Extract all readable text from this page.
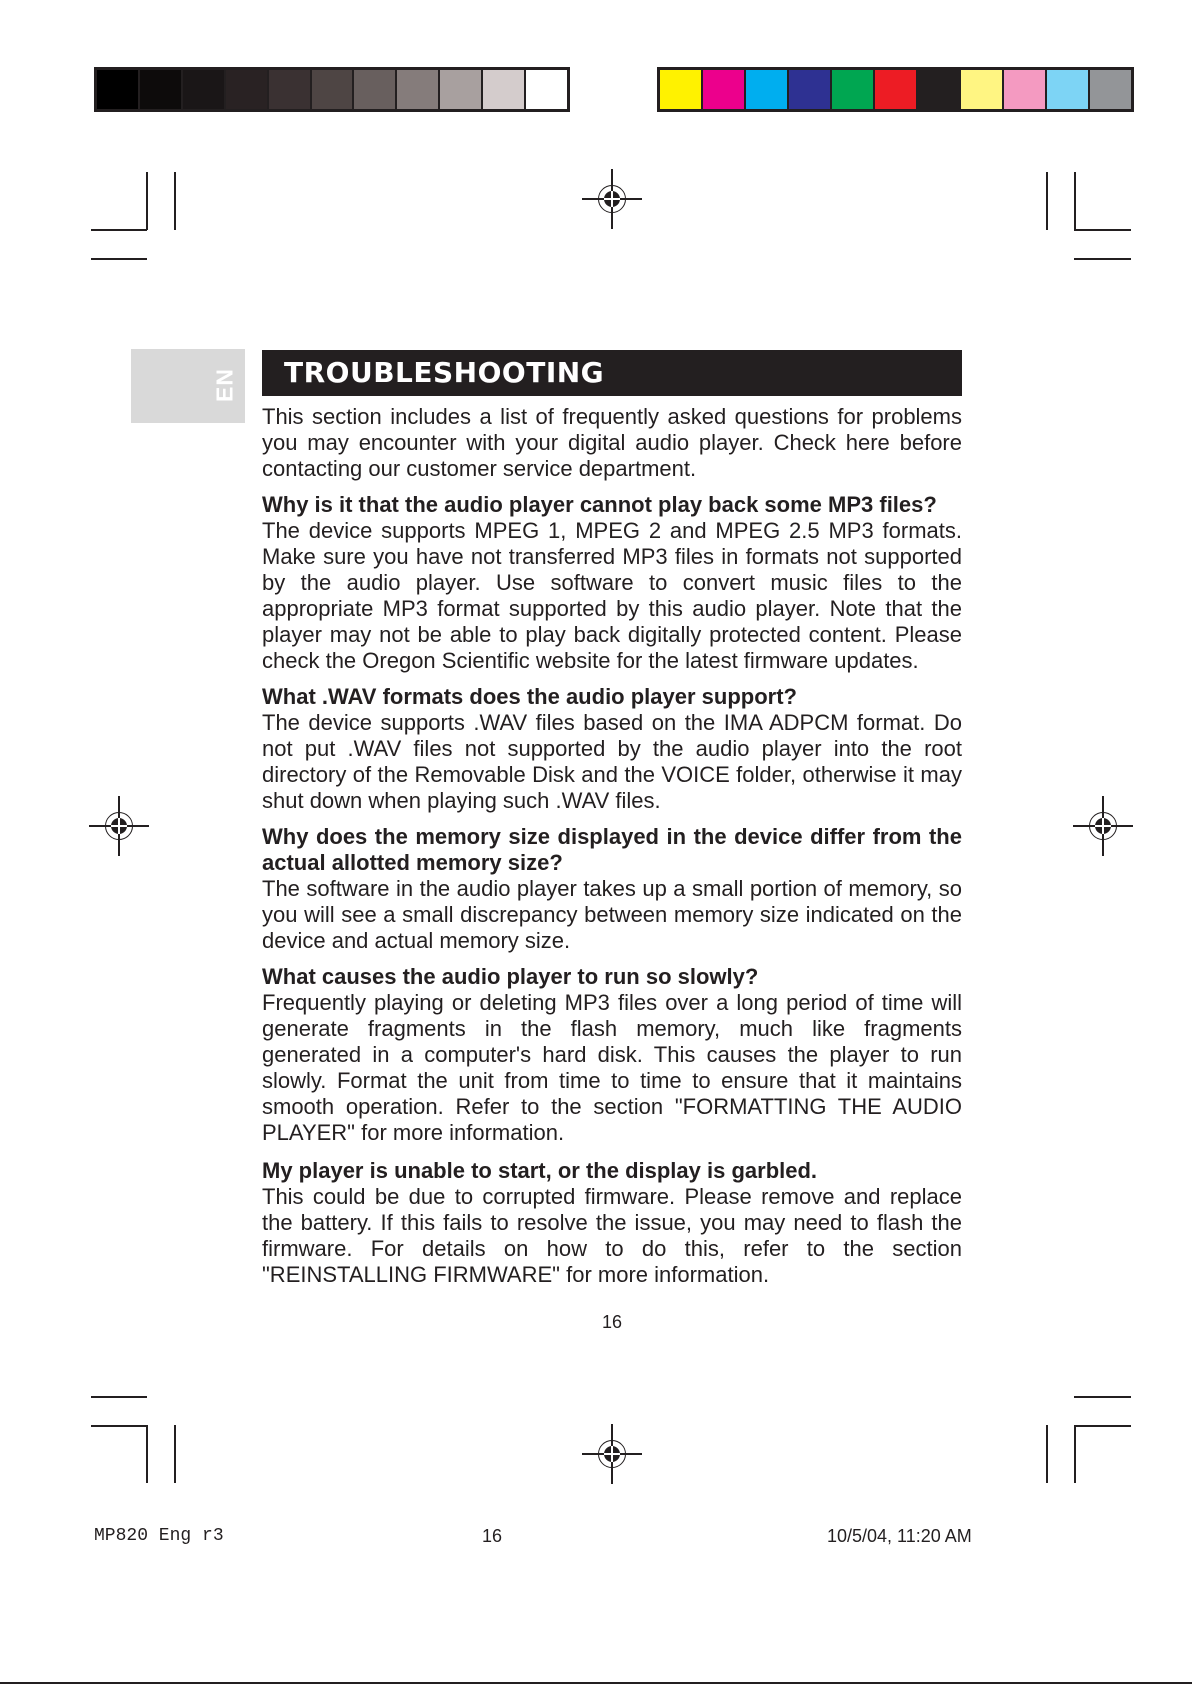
EN	TROUBLESHOOTING

This section includes a list of frequently asked questions for problems you may encounter with your digital audio player. Check here before contacting our customer service department.

Why is it that the audio player cannot play back some MP3 files?

The device supports MPEG 1, MPEG 2 and MPEG 2.5 MP3 formats. Make sure you have not transferred MP3 files in formats not supported by the audio player. Use software to convert music files to the appropriate MP3 format supported by this audio player. Note that the player may not be able to play back digitally protected content. Please check the Oregon Scientific website for the latest firmware updates.

What .WAV formats does the audio player support?

The device supports .WAV files based on the IMA ADPCM format. Do not put .WAV files not supported by the audio player into the root directory of the Removable Disk and the VOICE folder, otherwise it may shut down when playing such .WAV files.

Why does the memory size displayed in the device differ from the actual allotted memory size?

The software in the audio player takes up a small portion of memory, so you will see a small discrepancy between memory size indicated on the device and actual memory size.

What causes the audio player to run so slowly?

Frequently playing or deleting MP3 files over a long period of time will generate fragments in the flash memory, much like fragments generated in a computer's hard disk. This causes the player to run slowly. Format the unit from time to time to ensure that it maintains smooth operation. Refer to the section "FORMATTING THE AUDIO PLAYER" for more information.

My player is unable to start, or the display is garbled.

This could be due to corrupted firmware. Please remove and replace the battery. If this fails to resolve the issue, you may need to flash the firmware. For details on how to do this, refer to the section "REINSTALLING FIRMWARE" for more information.

16
MP820 Eng r3	16	10/5/04, 11:20 AM
